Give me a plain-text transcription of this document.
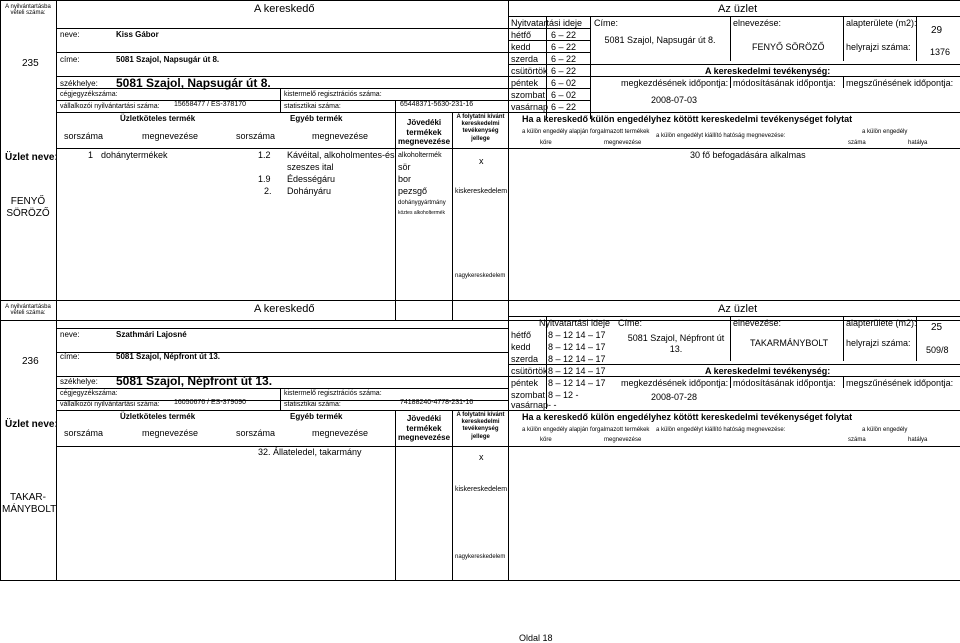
A nyilvántartásba vételi száma:
235
Üzlet neve:
FENYŐ SÖRÖZŐ
A kereskedő	Az üzlet
neve:	Kiss Gábor
címe:	5081 Szajol, Napsugár út 8.
székhelye: 5081 Szajol, Napsugár út 8.
cégjegyzékszáma:	kistermelő regisztrációs száma:
vállalkozói nyilvántartási száma: 15658477 / ES-378170	statisztikai száma:	65448371-5630-231-16
Nyitvatartási ideje Címe:	elnevezése:	alapterülete (m2):
29
hétfő 6 – 22
kedd 6 – 22
szerda 6 – 22
csütörtök 6 – 22
péntek 6 – 02
szombat 6 – 02
vasárnap 6 – 22
5081 Szajol, Napsugár út 8.
FENYŐ SÖRÖZŐ helyrajzi száma: 1376
A kereskedelmi tevékenység:
megkezdésének időpontja: módosításának időpontja: megszűnésének időpontja:
2008-07-03
Üzletköteles termék	Egyéb termék	Jövedéki termékek megnevezése
A folytatni kívánt kereskedelmi tevékenység jellege
Ha a kereskedő külön engedélyhez kötött kereskedelmi tevékenységet folytat
a külön engedély alapján forgalmazott termékek
a külön engedélyt kiállító hatóság megnevezése:
a külön engedély
köre	megnevezése	száma	hatálya
sorszáma	megnevezése	sorszáma	megnevezése
1 dohánytermékek	1.2 Kávéital, alkoholmentes-és
szeszes ital
1.9 Édességáru
2. Dohányáru
alkoholtermék
sör
bor
pezsgő
dohánygyártmány
köztes alkoholtermék
x
kiskereskedelem
nagykereskedelem
30 fő befogadására alkalmas
A nyilvántartásba vételi száma:
236
Üzlet neve:
TAKAR-MÁNYBOLT
A kereskedő	Az üzlet
neve:	Szathmári Lajosné
címe:	5081 Szajol, Népfront út 13.
székhelye: 5081 Szajol, Népfront út 13.
cégjegyzékszáma:	kistermelő regisztrációs száma:
vállalkozói nyilvántartási száma: 16050676 / ES-379090	statisztikai száma:	74188240-4778-231-16
Nyitvatartási ideje Címe:	elnevezése:	alapterülete (m2): 25
hétfő 8 – 12 14 – 17
kedd 8 – 12 14 – 17
szerda 8 – 12 14 – 17
csütörtök 8 – 12 14 – 17
péntek 8 – 12 14 – 17
szombat 8 – 12 -
vasárnap - -
5081 Szajol, Népfront út 13.
TAKARMÁNYBOLT helyrajzi száma:
509/8
A kereskedelmi tevékenység:
megkezdésének időpontja: módosításának időpontja: megszűnésének időpontja:
2008-07-28
Üzletköteles termék	Egyéb termék	Jövedéki termékek megnevezése
A folytatni kívánt kereskedelmi tevékenység jellege
Ha a kereskedő külön engedélyhez kötött kereskedelmi tevékenységet folytat
a külön engedély alapján forgalmazott termékek a külön engedélyt kiállító hatóság megnevezése:	a külön engedély
köre	megnevezése	száma	hatálya
sorszáma	megnevezése	sorszáma	megnevezése
32. Állateledel, takarmány	x
kiskereskedelem
nagykereskedelem
Oldal 18
